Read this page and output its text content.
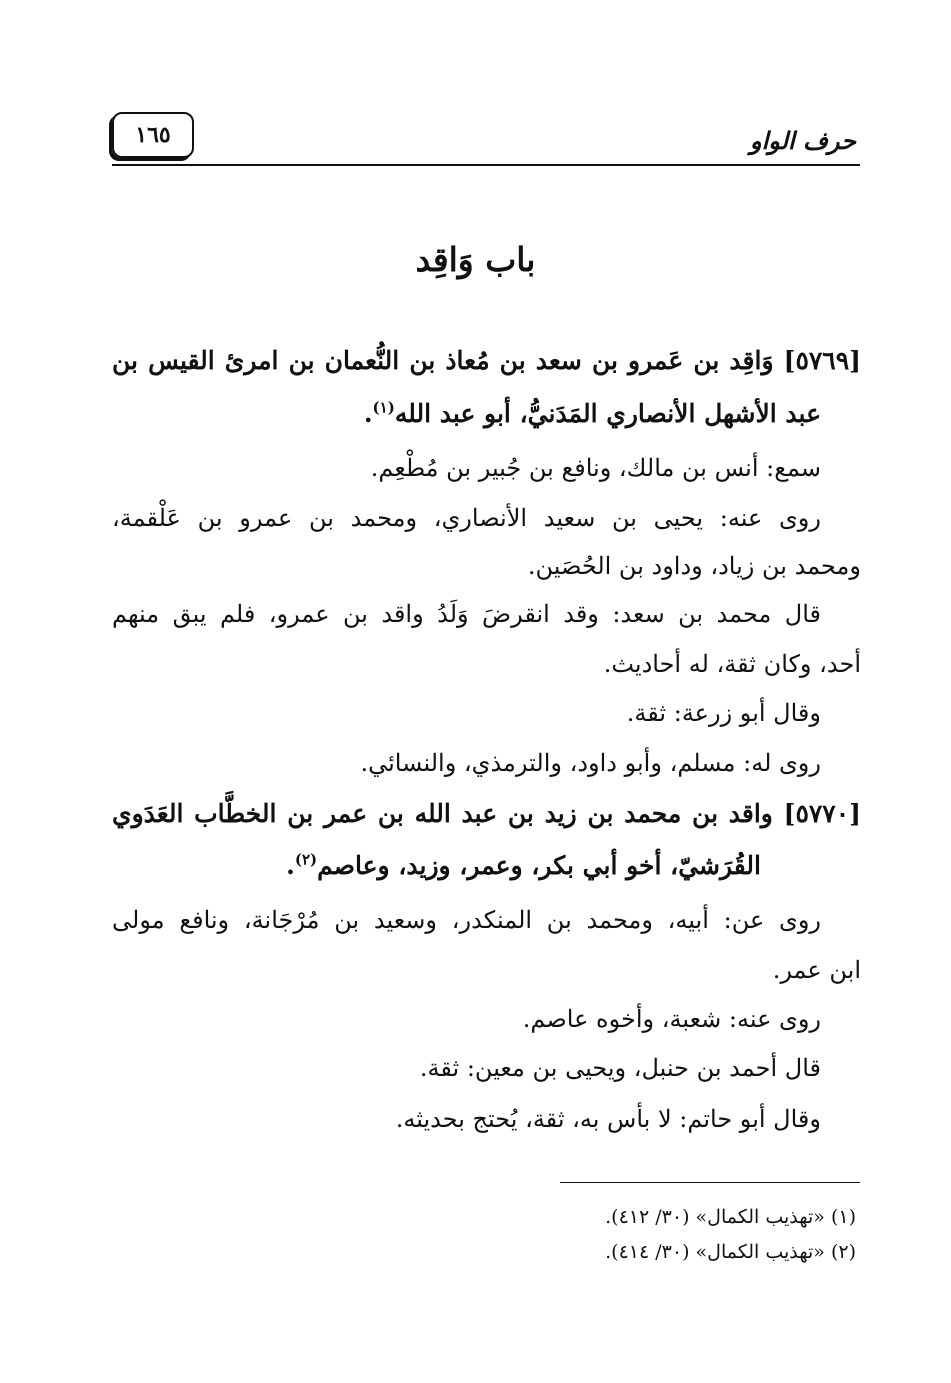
حرف الواو
١٦٥
باب وَاقِد
[٥٧٦٩] وَاقِد بن عَمرو بن سعد بن مُعاذ بن النُّعمان بن امرئ القيس بن
عبد الأشهل الأنصاري المَدَنيُّ، أبو عبد الله$^{(١)}$.
سمع: أنس بن مالك، ونافع بن جُبير بن مُطْعِم.
روى عنه: يحيى بن سعيد الأنصاري، ومحمد بن عمرو بن عَلْقمة،
ومحمد بن زياد، وداود بن الحُصَين.
قال محمد بن سعد: وقد انقرضَ وَلَدُ واقد بن عمرو، فلم يبق منهم
أحد، وكان ثقة، له أحاديث.
وقال أبو زرعة: ثقة.
روى له: مسلم، وأبو داود، والترمذي، والنسائي.
[٥٧٧٠] واقد بن محمد بن زيد بن عبد الله بن عمر بن الخطَّاب العَدَوي
القُرَشيّ، أخو أبي بكر، وعمر، وزيد، وعاصم$^{(٢)}$.
روى عن: أبيه، ومحمد بن المنكدر، وسعيد بن مُرْجَانة، ونافع مولى
ابن عمر.
روى عنه: شعبة، وأخوه عاصم.
قال أحمد بن حنبل، ويحيى بن معين: ثقة.
وقال أبو حاتم: لا بأس به، ثقة، يُحتج بحديثه.
(١) «تهذيب الكمال» (٣٠/ ٤١٢).
(٢) «تهذيب الكمال» (٣٠/ ٤١٤).
